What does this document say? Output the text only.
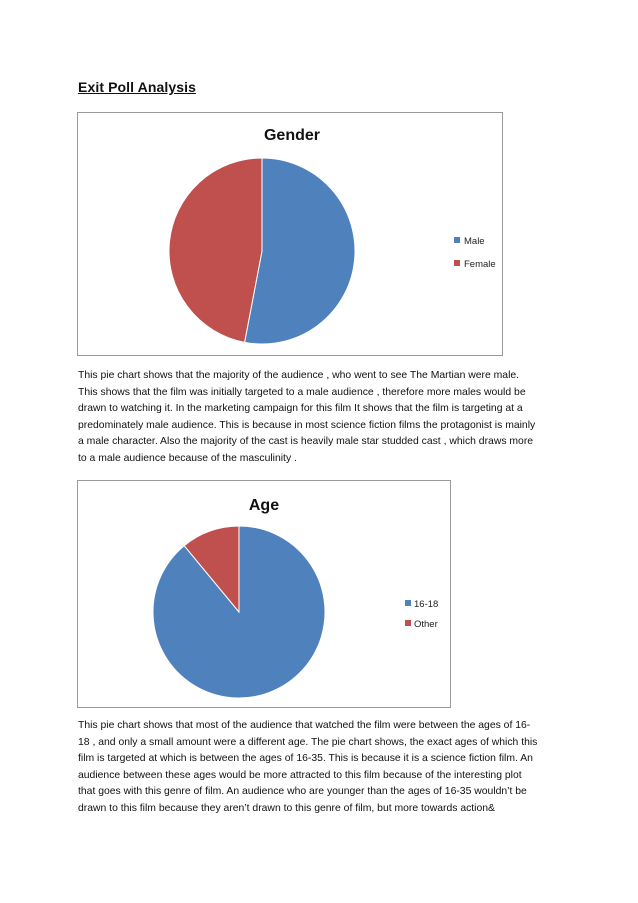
Exit Poll Analysis
Gender
Male
Female
This pie chart shows that the majority of the audience , who went to see The Martian were male.
This shows that the film was initially targeted to a male audience , therefore more males would be
drawn to watching it. In the marketing campaign for this film It shows that the film is targeting at a
predominately male audience. This is because in most science fiction films the protagonist is mainly
a male character. Also the majority of the cast is heavily male star studded cast , which draws more
to a male audience because of the masculinity .
Age
16-18
Other
This pie chart shows that most of the audience that watched the film were between the ages of 16-
18 , and only a small amount were a different age. The pie chart shows, the exact ages of which this
film is targeted at which is between the ages of 16-35. This is because it is a science fiction film. An
audience between these ages would be more attracted to this film because of the interesting plot
that goes with this genre of film. An audience who are younger than the ages of 16-35 wouldn’t be
drawn to this film because they aren’t drawn to this genre of film, but more towards action&
